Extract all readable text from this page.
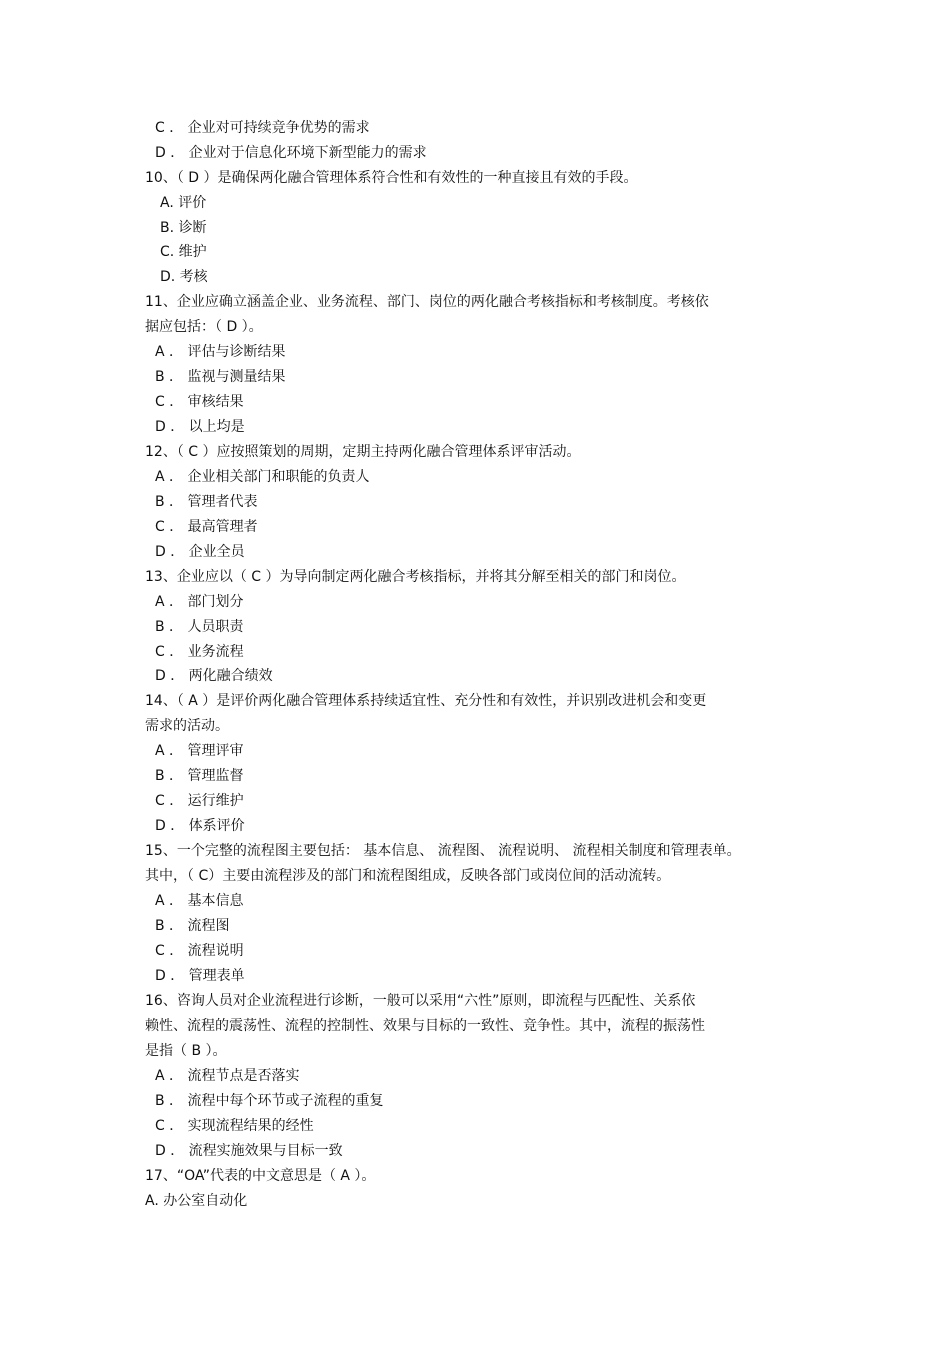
C ． 企业对可持续竞争优势的需求
D ． 企业对于信息化环境下新型能力的需求
10、（ D ）是确保两化融合管理体系符合性和有效性的一种直接且有效的手段。
A. 评价
B. 诊断
C. 维护
D. 考核
11、企业应确立涵盖企业、业务流程、部门、岗位的两化融合考核指标和考核制度。考核依
据应包括：（ D ）。
A ． 评估与诊断结果
B ． 监视与测量结果
C ． 审核结果
D ． 以上均是
12、（ C ）应按照策划的周期，定期主持两化融合管理体系评审活动。
A ． 企业相关部门和职能的负责人
B ． 管理者代表
C ． 最高管理者
D ． 企业全员
13、企业应以（ C ）为导向制定两化融合考核指标，并将其分解至相关的部门和岗位。
A ． 部门划分
B ． 人员职责
C ． 业务流程
D ． 两化融合绩效
14、（ A ）是评价两化融合管理体系持续适宜性、充分性和有效性，并识别改进机会和变更
需求的活动。
A ． 管理评审
B ． 管理监督
C ． 运行维护
D ． 体系评价
15、一个完整的流程图主要包括： 基本信息、 流程图、 流程说明、 流程相关制度和管理表单。
其中，（ C）主要由流程涉及的部门和流程图组成，反映各部门或岗位间的活动流转。
A ． 基本信息
B ． 流程图
C ． 流程说明
D ． 管理表单
16、咨询人员对企业流程进行诊断，一般可以采用“六性”原则，即流程与匹配性、关系依
赖性、流程的震荡性、流程的控制性、效果与目标的一致性、竞争性。其中，流程的振荡性
是指（ B ）。
A ． 流程节点是否落实
B ． 流程中每个环节或子流程的重复
C ． 实现流程结果的经性
D ． 流程实施效果与目标一致
17、“OA”代表的中文意思是（ A ）。
A. 办公室自动化
